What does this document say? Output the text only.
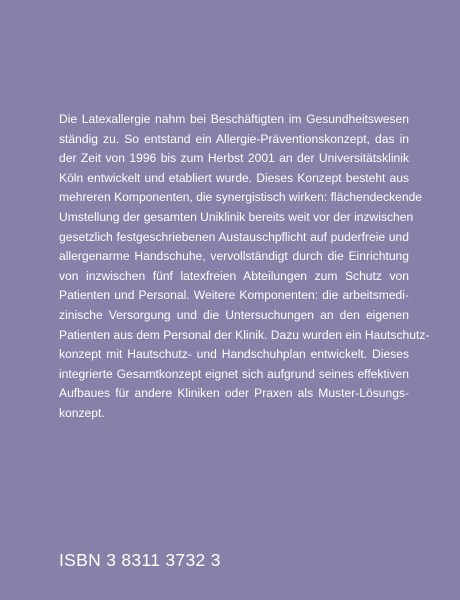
Die Latexallergie nahm bei Beschäftigten im Gesundheitswesen
ständig zu. So entstand ein Allergie-Präventionskonzept, das in
der Zeit von 1996 bis zum Herbst 2001 an der Universitätsklinik
Köln entwickelt und etabliert wurde. Dieses Konzept besteht aus
mehreren Komponenten, die synergistisch wirken: flächendeckende
Umstellung der gesamten Uniklinik bereits weit vor der inzwischen
gesetzlich festgeschriebenen Austauschpflicht auf puderfreie und
allergenarme Handschuhe, vervollständigt durch die Einrichtung
von inzwischen fünf latexfreien Abteilungen zum Schutz von
Patienten und Personal. Weitere Komponenten: die arbeitsmedi-
zinische Versorgung und die Untersuchungen an den eigenen
Patienten aus dem Personal der Klinik. Dazu wurden ein Hautschutz-
konzept mit Hautschutz- und Handschuhplan entwickelt. Dieses
integrierte Gesamtkonzept eignet sich aufgrund seines effektiven
Aufbaues für andere Kliniken oder Praxen als Muster-Lösungs-
konzept.

ISBN 3 8311 3732 3
